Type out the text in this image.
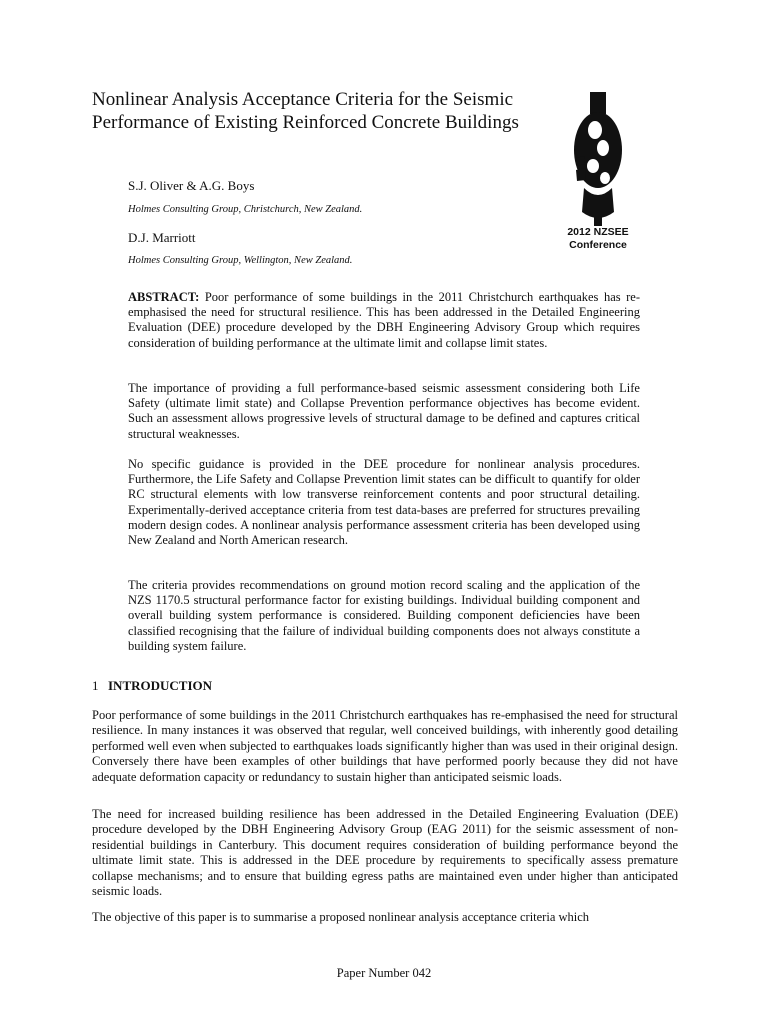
Nonlinear Analysis Acceptance Criteria for the Seismic Performance of Existing Reinforced Concrete Buildings
2012 NZSEE
Conference
S.J. Oliver & A.G. Boys
Holmes Consulting Group, Christchurch, New Zealand.
D.J. Marriott
Holmes Consulting Group, Wellington, New Zealand.

ABSTRACT: Poor performance of some buildings in the 2011 Christchurch earthquakes has re-emphasised the need for structural resilience. This has been addressed in the Detailed Engineering Evaluation (DEE) procedure developed by the DBH Engineering Advisory Group which requires consideration of building performance at the ultimate limit and collapse limit states.

The importance of providing a full performance-based seismic assessment considering both Life Safety (ultimate limit state) and Collapse Prevention performance objectives has become evident. Such an assessment allows progressive levels of structural damage to be defined and captures critical structural weaknesses.

No specific guidance is provided in the DEE procedure for nonlinear analysis procedures. Furthermore, the Life Safety and Collapse Prevention limit states can be difficult to quantify for older RC structural elements with low transverse reinforcement contents and poor structural detailing. Experimentally-derived acceptance criteria from test data-bases are preferred for structures prevailing modern design codes. A nonlinear analysis performance assessment criteria has been developed using New Zealand and North American research.

The criteria provides recommendations on ground motion record scaling and the application of the NZS 1170.5 structural performance factor for existing buildings. Individual building component and overall building system performance is considered. Building component deficiencies have been classified recognising that the failure of individual building components does not always constitute a building system failure.

1 INTRODUCTION

Poor performance of some buildings in the 2011 Christchurch earthquakes has re-emphasised the need for structural resilience. In many instances it was observed that regular, well conceived buildings, with inherently good detailing performed well even when subjected to earthquakes loads significantly higher than was used in their original design. Conversely there have been examples of other buildings that have performed poorly because they did not have adequate deformation capacity or redundancy to sustain higher than anticipated seismic loads.

The need for increased building resilience has been addressed in the Detailed Engineering Evaluation (DEE) procedure developed by the DBH Engineering Advisory Group (EAG 2011) for the seismic assessment of non-residential buildings in Canterbury. This document requires consideration of building performance beyond the ultimate limit state. This is addressed in the DEE procedure by requirements to specifically assess premature collapse mechanisms; and to ensure that building egress paths are maintained even under higher than anticipated seismic loads.

The objective of this paper is to summarise a proposed nonlinear analysis acceptance criteria which

Paper Number 042
